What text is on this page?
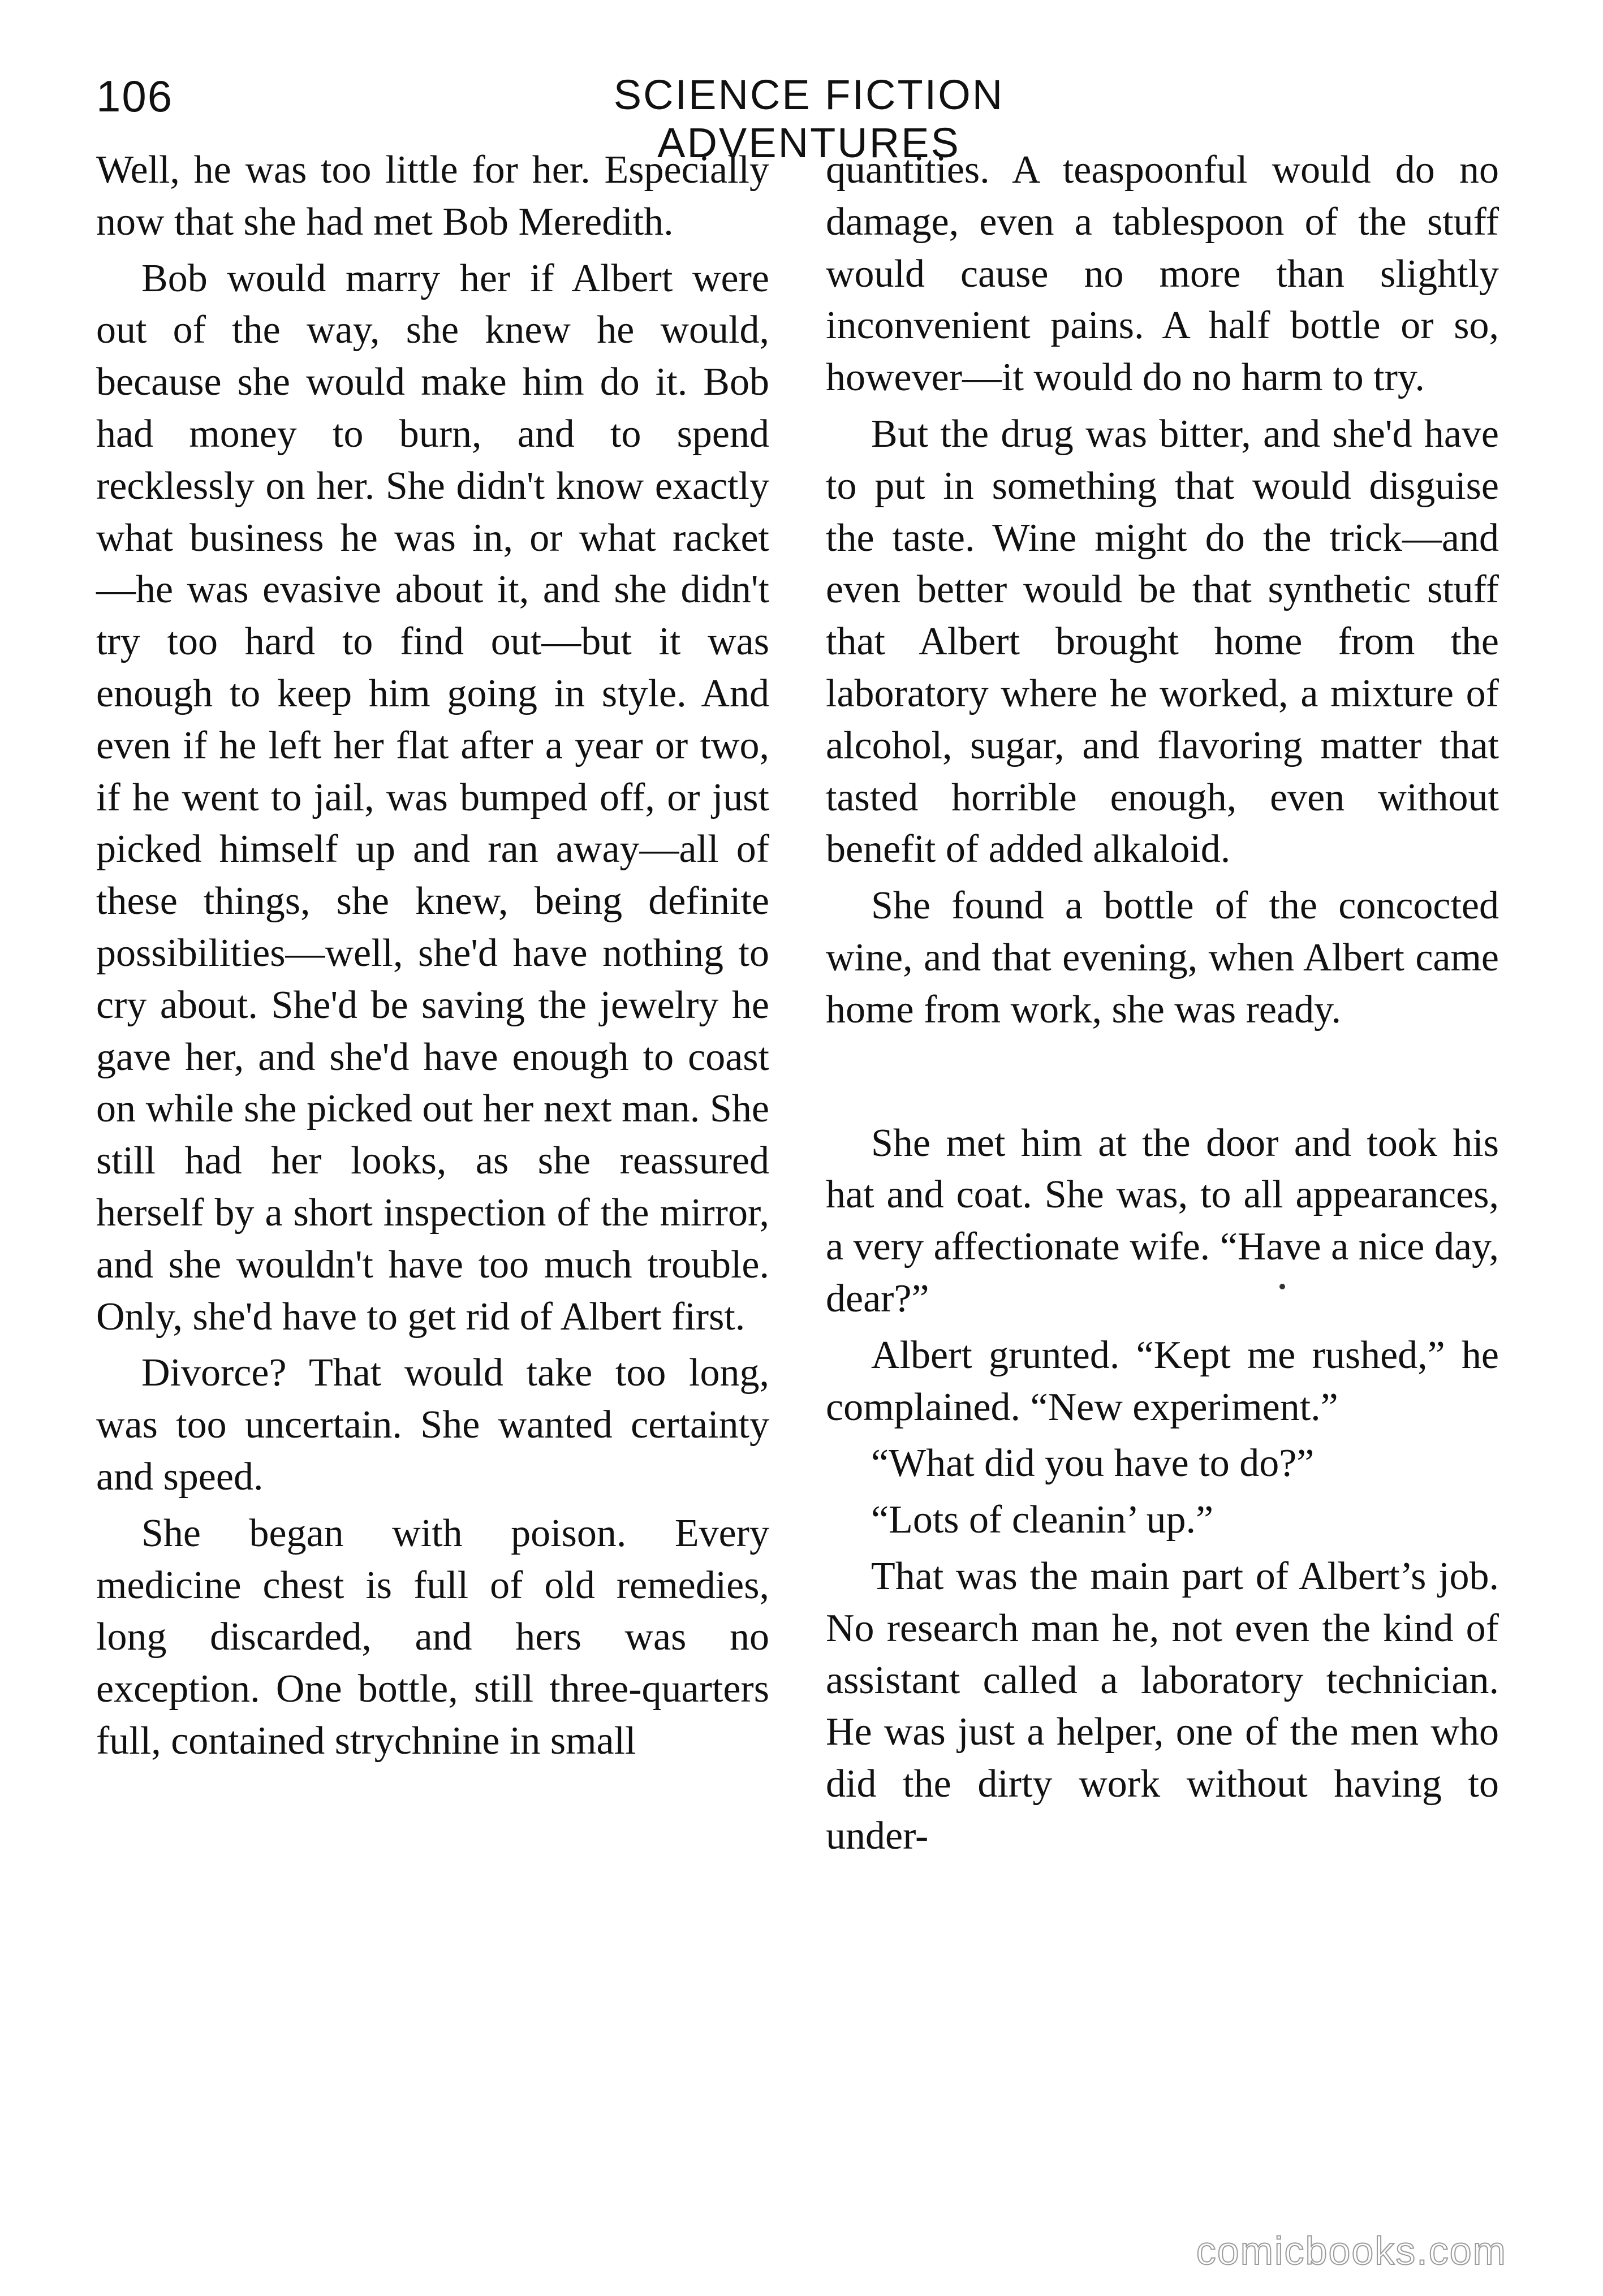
106	SCIENCE FICTION ADVENTURES

Well, he was too little for her. Especially now that she had met Bob Meredith.

Bob would marry her if Albert were out of the way, she knew he would, because she would make him do it. Bob had money to burn, and to spend recklessly on her. She didn't know exactly what business he was in, or what racket —he was evasive about it, and she didn't try too hard to find out—but it was enough to keep him going in style. And even if he left her flat after a year or two, if he went to jail, was bumped off, or just picked himself up and ran away—all of these things, she knew, being definite possibilities—well, she'd have nothing to cry about. She'd be saving the jewelry he gave her, and she'd have enough to coast on while she picked out her next man. She still had her looks, as she reassured herself by a short inspection of the mirror, and she wouldn't have too much trouble. Only, she'd have to get rid of Albert first.

Divorce? That would take too long, was too uncertain. She wanted certainty and speed.

She began with poison. Every medicine chest is full of old remedies, long discarded, and hers was no exception. One bottle, still three-quarters full, contained strychnine in small

quantities. A teaspoonful would do no damage, even a tablespoon of the stuff would cause no more than slightly inconvenient pains. A half bottle or so, however—it would do no harm to try.

But the drug was bitter, and she'd have to put in something that would disguise the taste. Wine might do the trick—and even better would be that synthetic stuff that Albert brought home from the laboratory where he worked, a mixture of alcohol, sugar, and flavoring matter that tasted horrible enough, even without benefit of added alkaloid.

She found a bottle of the concocted wine, and that evening, when Albert came home from work, she was ready.

She met him at the door and took his hat and coat. She was, to all appearances, a very affectionate wife. “Have a nice day, dear?”

Albert grunted. “Kept me rushed,” he complained. “New experiment.”

“What did you have to do?”

“Lots of cleanin’ up.”

That was the main part of Albert’s job. No research man he, not even the kind of assistant called a laboratory technician. He was just a helper, one of the men who did the dirty work without having to under-

comicbooks.com
